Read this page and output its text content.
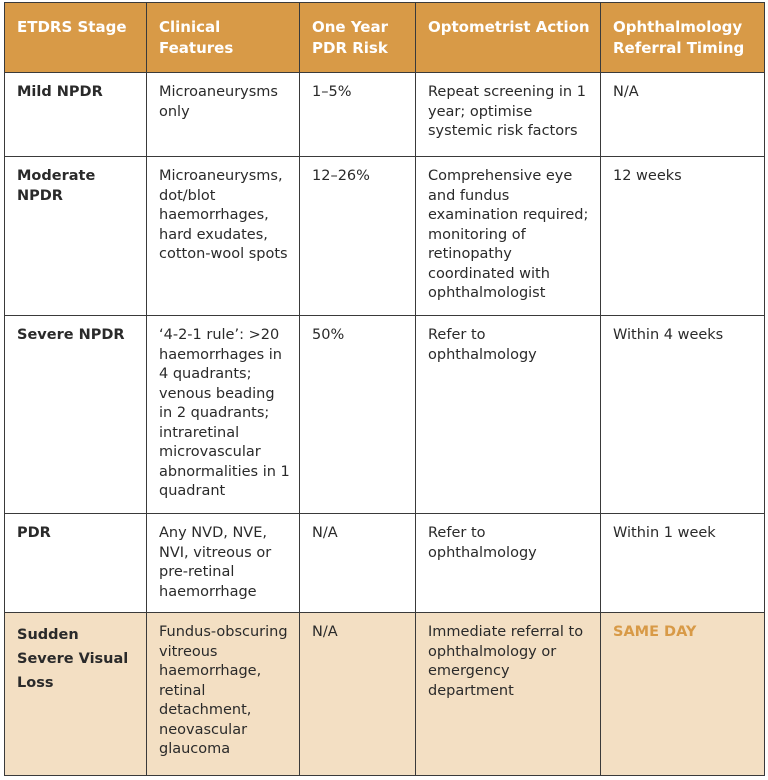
ETDRS Stage	Clinical Features	One Year PDR Risk	Optometrist Action	Ophthalmology Referral Timing
Mild NPDR	Microaneurysms only	1–5%	Repeat screening in 1 year; optimise systemic risk factors	N/A
Moderate NPDR	Microaneurysms, dot/blot haemorrhages, hard exudates, cotton-wool spots	12–26%	Comprehensive eye and fundus examination required; monitoring of retinopathy coordinated with ophthalmologist	12 weeks
Severe NPDR	‘4-2-1 rule’: >20 haemorrhages in 4 quadrants; venous beading in 2 quadrants; intraretinal microvascular abnormalities in 1 quadrant	50%	Refer to ophthalmology	Within 4 weeks
PDR	Any NVD, NVE, NVI, vitreous or pre-retinal haemorrhage	N/A	Refer to ophthalmology	Within 1 week
Sudden Severe Visual Loss	Fundus-obscuring vitreous haemorrhage, retinal detachment, neovascular glaucoma	N/A	Immediate referral to ophthalmology or emergency department	SAME DAY
